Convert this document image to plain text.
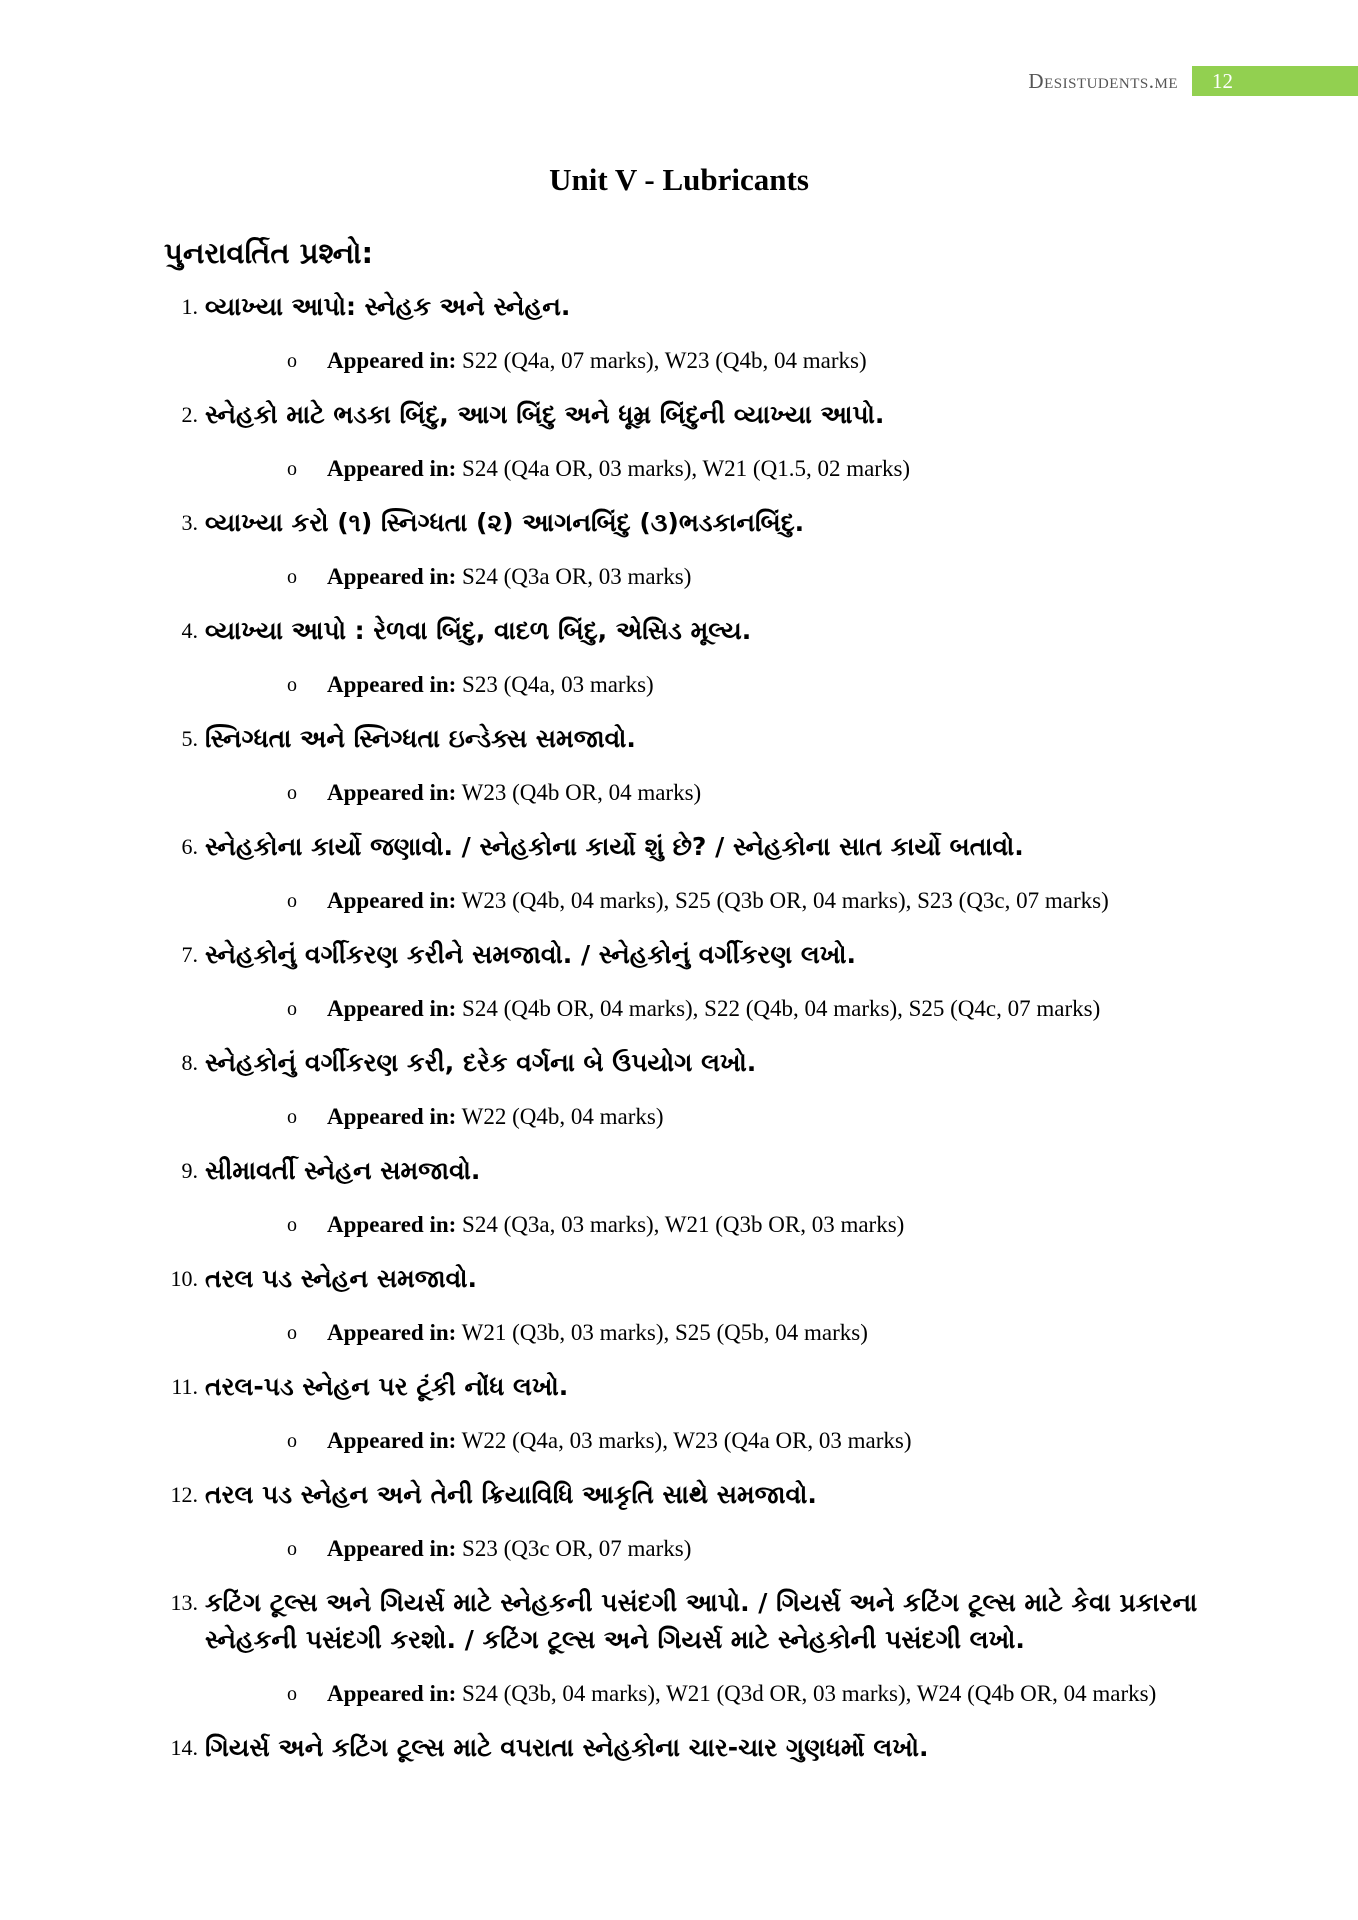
Desistudents.me	12
Unit V - Lubricants
પુનરાવર્તિત પ્રશ્નો:
1. વ્યાખ્યા આપો: સ્નેહક અને સ્નેહન.
o Appeared in: S22 (Q4a, 07 marks), W23 (Q4b, 04 marks)
2. સ્નેહકો માટે ભડકા બિંદુ, આગ બિંદુ અને ધૂમ્ર બિંદુની વ્યાખ્યા આપો.
o Appeared in: S24 (Q4a OR, 03 marks), W21 (Q1.5, 02 marks)
3. વ્યાખ્યા કરો (૧) સ્નિગ્ધતા (૨) આગનબિંદુ (૩)ભડકાનબિંદુ.
o Appeared in: S24 (Q3a OR, 03 marks)
4. વ્યાખ્યા આપો : રેળવા બિંદુ, વાદળ બિંદુ, એસિડ મૂલ્ય.
o Appeared in: S23 (Q4a, 03 marks)
5. સ્નિગ્ધતા અને સ્નિગ્ધતા ઇન્ડેક્સ સમજાવો.
o Appeared in: W23 (Q4b OR, 04 marks)
6. સ્નેહકોના કાર્યો જણાવો. / સ્નેહકોના કાર્યો શું છે? / સ્નેહકોના સાત કાર્યો બતાવો.
o Appeared in: W23 (Q4b, 04 marks), S25 (Q3b OR, 04 marks), S23 (Q3c, 07 marks)
7. સ્નેહકોનું વર્ગીકરણ કરીને સમજાવો. / સ્નેહકોનું વર્ગીકરણ લખો.
o Appeared in: S24 (Q4b OR, 04 marks), S22 (Q4b, 04 marks), S25 (Q4c, 07 marks)
8. સ્નેહકોનું વર્ગીકરણ કરી, દરેક વર્ગના બે ઉપયોગ લખો.
o Appeared in: W22 (Q4b, 04 marks)
9. સીમાવર્તી સ્નેહન સમજાવો.
o Appeared in: S24 (Q3a, 03 marks), W21 (Q3b OR, 03 marks)
10. તરલ પડ સ્નેહન સમજાવો.
o Appeared in: W21 (Q3b, 03 marks), S25 (Q5b, 04 marks)
11. તરલ-પડ સ્નેહન પર ટૂંકી નોંધ લખો.
o Appeared in: W22 (Q4a, 03 marks), W23 (Q4a OR, 03 marks)
12. તરલ પડ સ્નેહન અને તેની ક્રિયાવિધિ આકૃતિ સાથે સમજાવો.
o Appeared in: S23 (Q3c OR, 07 marks)
13. કટિંગ ટૂલ્સ અને ગિયર્સ માટે સ્નેહકની પસંદગી આપો. / ગિયર્સ અને કટિંગ ટૂલ્સ માટે કેવા પ્રકારના સ્નેહકની પસંદગી કરશો. / કટિંગ ટૂલ્સ અને ગિયર્સ માટે સ્નેહકોની પસંદગી લખો.
o Appeared in: S24 (Q3b, 04 marks), W21 (Q3d OR, 03 marks), W24 (Q4b OR, 04 marks)
14. ગિયર્સ અને કટિંગ ટૂલ્સ માટે વપરાતા સ્નેહકોના ચાર-ચાર ગુણધર્મો લખો.
